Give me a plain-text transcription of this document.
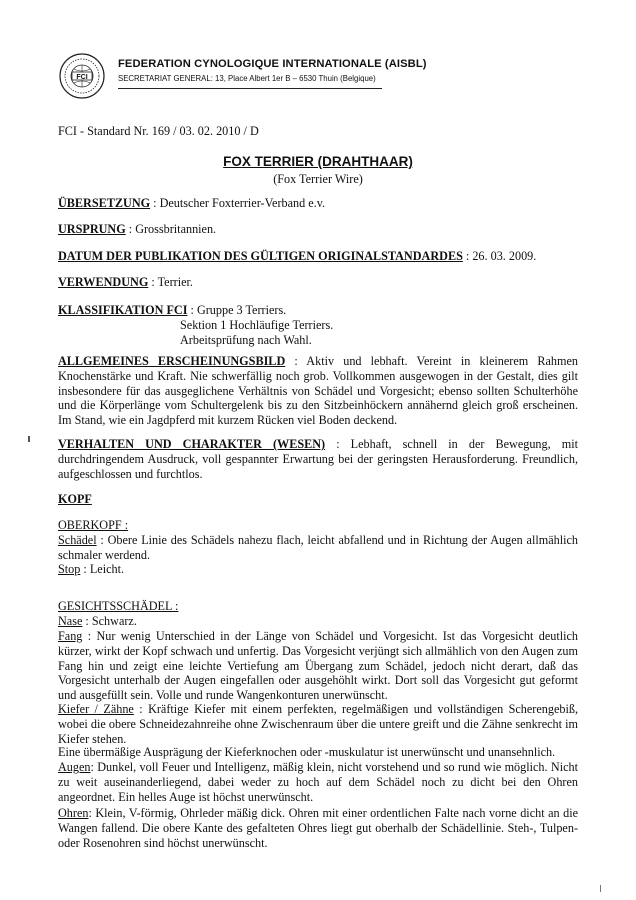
FCI
FEDERATION CYNOLOGIQUE INTERNATIONALE (AISBL)
SECRETARIAT GENERAL: 13, Place Albert 1er B – 6530 Thuin (Belgique)
FCI - Standard Nr. 169 / 03. 02. 2010 / D
FOX TERRIER (DRAHTHAAR)
(Fox Terrier Wire)
ÜBERSETZUNG : Deutscher Foxterrier-Verband e.v.
URSPRUNG : Grossbritannien.
DATUM DER PUBLIKATION DES GÜLTIGEN ORIGINALSTANDARDES : 26. 03. 2009.
VERWENDUNG : Terrier.
KLASSIFIKATION FCI : Gruppe 3 Terriers.
Sektion 1 Hochläufige Terriers.
Arbeitsprüfung nach Wahl.
ALLGEMEINES ERSCHEINUNGSBILD : Aktiv und lebhaft. Vereint in kleinerem Rahmen Knochenstärke und Kraft. Nie schwerfällig noch grob. Vollkommen ausgewogen in der Gestalt, dies gilt insbesondere für das ausgeglichene Verhältnis von Schädel und Vorgesicht; ebenso sollten Schulterhöhe und die Körperlänge vom Schultergelenk bis zu den Sitzbeinhöckern annähernd gleich groß erscheinen. Im Stand, wie ein Jagdpferd mit kurzem Rücken viel Boden deckend.
VERHALTEN UND CHARAKTER (WESEN) : Lebhaft, schnell in der Bewegung, mit durchdringendem Ausdruck, voll gespannter Erwartung bei der geringsten Herausforderung. Freundlich, aufgeschlossen und furchtlos.
KOPF
OBERKOPF :
Schädel : Obere Linie des Schädels nahezu flach, leicht abfallend und in Richtung der Augen allmählich schmaler werdend.
Stop : Leicht.
GESICHTSSCHÄDEL :
Nase : Schwarz.
Fang : Nur wenig Unterschied in der Länge von Schädel und Vorgesicht. Ist das Vorgesicht deutlich kürzer, wirkt der Kopf schwach und unfertig. Das Vorgesicht verjüngt sich allmählich von den Augen zum Fang hin und zeigt eine leichte Vertiefung am Übergang zum Schädel, jedoch nicht derart, daß das Vorgesicht unterhalb der Augen eingefallen oder ausgehöhlt wirkt. Dort soll das Vorgesicht gut geformt und ausgefüllt sein. Volle und runde Wangenkonturen unerwünscht.
Kiefer / Zähne : Kräftige Kiefer mit einem perfekten, regelmäßigen und vollständigen Scherengebiß, wobei die obere Schneidezahnreihe ohne Zwischenraum über die untere greift und die Zähne senkrecht im Kiefer stehen.
Eine übermäßige Ausprägung der Kieferknochen oder -muskulatur ist unerwünscht und unansehnlich.
Augen: Dunkel, voll Feuer und Intelligenz, mäßig klein, nicht vorstehend und so rund wie möglich. Nicht zu weit auseinanderliegend, dabei weder zu hoch auf dem Schädel noch zu dicht bei den Ohren angeordnet. Ein helles Auge ist höchst unerwünscht.
Ohren: Klein, V-förmig, Ohrleder mäßig dick. Ohren mit einer ordentlichen Falte nach vorne dicht an die Wangen fallend. Die obere Kante des gefalteten Ohres liegt gut oberhalb der Schädellinie. Steh-, Tulpen- oder Rosenohren sind höchst unerwünscht.
